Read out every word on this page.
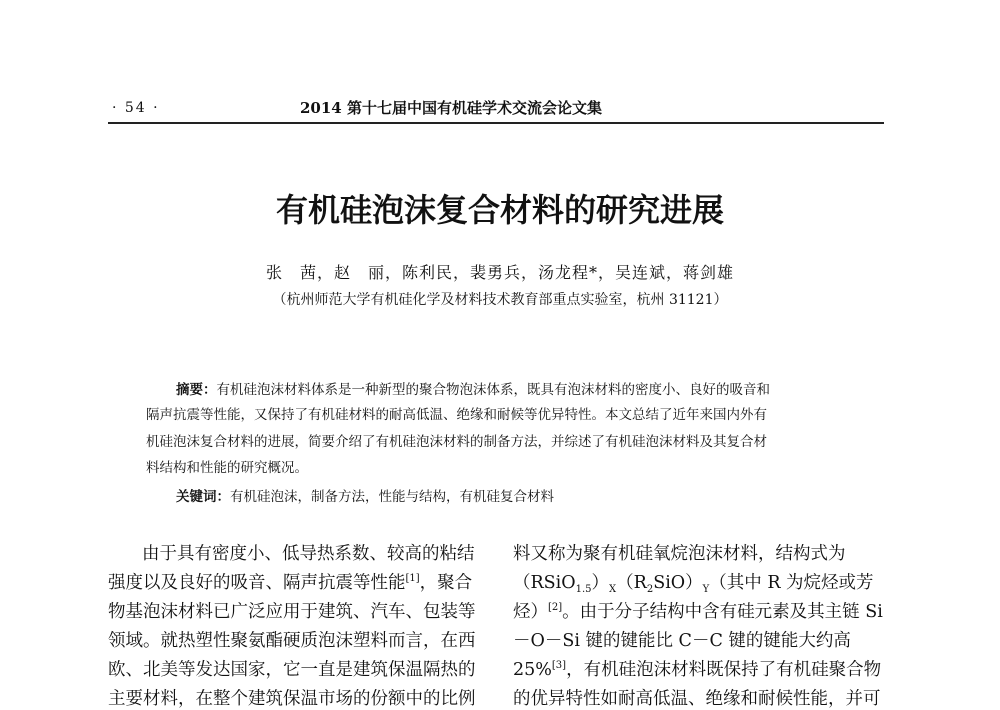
· 54 ·	2014 第十七届中国有机硅学术交流会论文集
有机硅泡沫复合材料的研究进展
张　茜，赵　丽，陈利民，裴勇兵，汤龙程*，吴连斌，蒋剑雄
（杭州师范大学有机硅化学及材料技术教育部重点实验室，杭州 31121）
摘要：有机硅泡沫材料体系是一种新型的聚合物泡沫体系，既具有泡沫材料的密度小、良好的吸音和
隔声抗震等性能，又保持了有机硅材料的耐高低温、绝缘和耐候等优异特性。本文总结了近年来国内外有
机硅泡沫复合材料的进展，简要介绍了有机硅泡沫材料的制备方法，并综述了有机硅泡沫材料及其复合材
料结构和性能的研究概况。
关键词：有机硅泡沫，制备方法，性能与结构，有机硅复合材料
由于具有密度小、低导热系数、较高的粘结
强度以及良好的吸音、隔声抗震等性能[1]，聚合
物基泡沫材料已广泛应用于建筑、汽车、包装等
领域。就热塑性聚氨酯硬质泡沫塑料而言，在西
欧、北美等发达国家，它一直是建筑保温隔热的
主要材料，在整个建筑保温市场的份额中的比例
料又称为聚有机硅氧烷泡沫材料，结构式为
$(RSiO_{1.5})_X(R_2SiO)_Y$（其中 R 为烷烃或芳
烃）[2]。由于分子结构中含有硅元素及其主链 Si
－O－Si 键的键能比 C－C 键的键能大约高
25%[3]，有机硅泡沫材料既保持了有机硅聚合物
的优异特性如耐高低温、绝缘和耐候性能，并可
